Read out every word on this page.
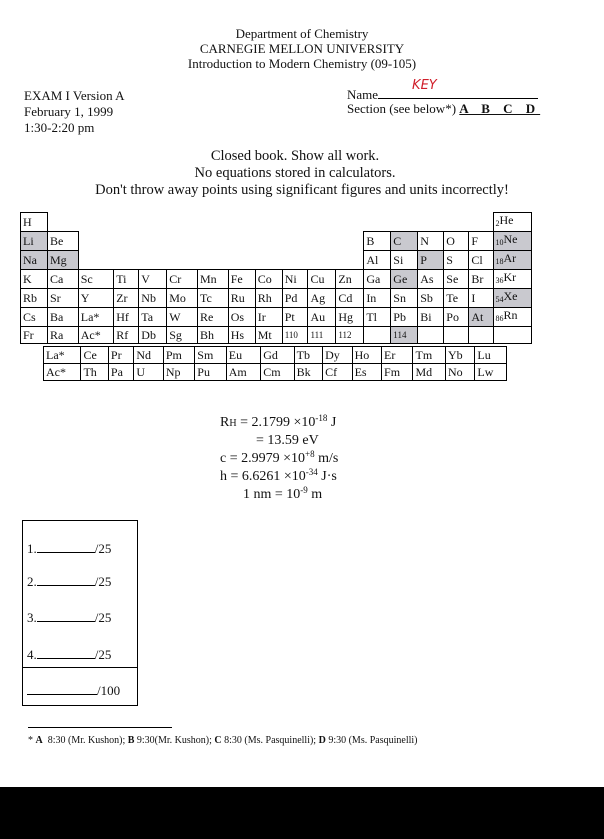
Department of Chemistry
CARNEGIE MELLON UNIVERSITY
Introduction to Modern Chemistry (09-105)
EXAM I Version A
February 1, 1999
1:30-2:20 pm
Name
KEY
Section (see below*) A B C D
Closed book. Show all work.
No equations stored in calculators.
Don't throw away points using significant figures and units incorrectly!
H																	$_2$He
Li	Be											B	C	N	O	F	$_{10}$Ne
Na	Mg											Al	Si	P	S	Cl	$_{18}$Ar
K	Ca	Sc	Ti	V	Cr	Mn	Fe	Co	Ni	Cu	Zn	Ga	Ge	As	Se	Br	$_{36}$Kr
Rb	Sr	Y	Zr	Nb	Mo	Tc	Ru	Rh	Pd	Ag	Cd	In	Sn	Sb	Te	I	$_{54}$Xe
Cs	Ba	La*	Hf	Ta	W	Re	Os	Ir	Pt	Au	Hg	Tl	Pb	Bi	Po	At	$_{86}$Rn
Fr	Ra	Ac*	Rf	Db	Sg	Bh	Hs	Mt	110	111	112		114				
La*	Ce	Pr	Nd	Pm	Sm	Eu	Gd	Tb	Dy	Ho	Er	Tm	Yb	Lu
Ac*	Th	Pa	U	Np	Pu	Am	Cm	Bk	Cf	Es	Fm	Md	No	Lw
RH = $2.1799 \times 10^{-18}$ J
= 13.59 eV
$c = 2.9979 \times 10^{+8}$ m/s
$h = 6.6261 \times 10^{-34}$ J·s
1 nm = $10^{-9}$ m
1.	/25
2.	/25
3.	/25
4.	/25
/100
* A 8:30 (Mr. Kushon); B 9:30(Mr. Kushon); C 8:30 (Ms. Pasquinelli); D 9:30 (Ms. Pasquinelli)
